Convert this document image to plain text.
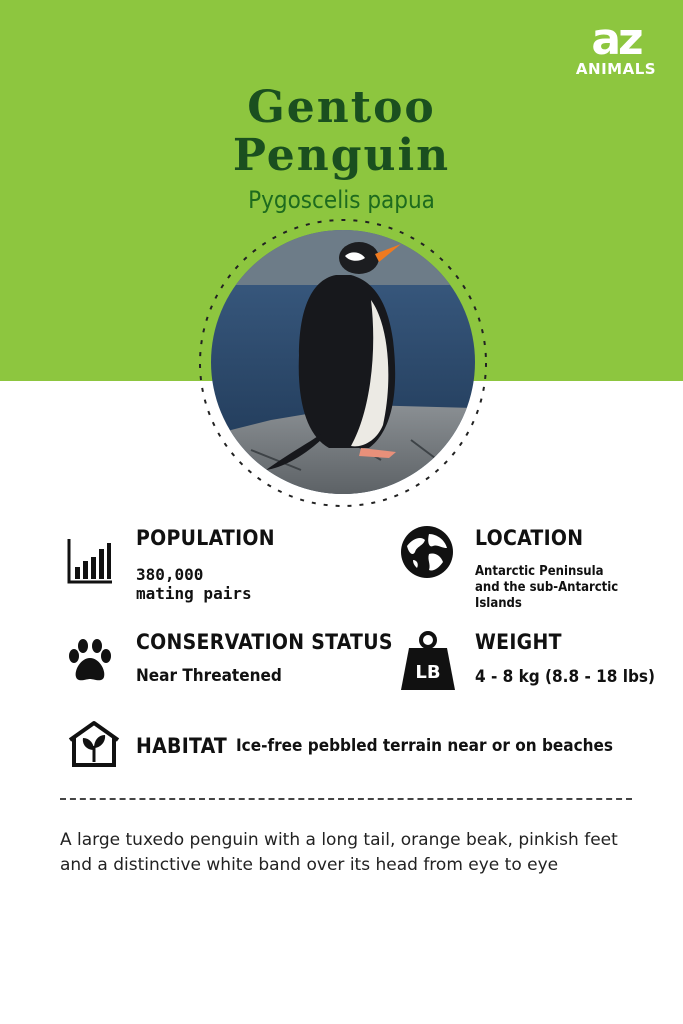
az
ANIMALS
Gentoo
Penguin
Pygoscelis papua
POPULATION
380,000
mating pairs
LOCATION
Antarctic Peninsula
and the sub-Antarctic
Islands
CONSERVATION STATUS
Near Threatened	LB
WEIGHT
4 - 8 kg (8.8 - 18 lbs)
HABITAT Ice-free pebbled terrain near or on beaches
A large tuxedo penguin with a long tail, orange beak, pinkish feet and a distinctive white band over its head from eye to eye
